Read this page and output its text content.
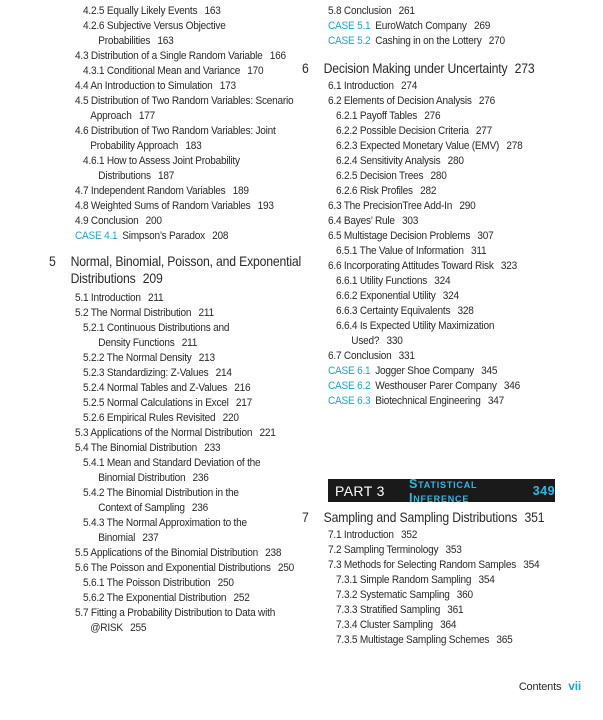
4.2.5 Equally Likely Events 163
4.2.6 Subjective Versus Objective
Probabilities 163
4.3 Distribution of a Single Random Variable 166
4.3.1 Conditional Mean and Variance 170
4.4 An Introduction to Simulation 173
4.5 Distribution of Two Random Variables: Scenario
Approach 177
4.6 Distribution of Two Random Variables: Joint
Probability Approach 183
4.6.1 How to Assess Joint Probability
Distributions 187
4.7 Independent Random Variables 189
4.8 Weighted Sums of Random Variables 193
4.9 Conclusion 200
CASE 4.1  Simpson’s Paradox 208
5 Normal, Binomial, Poisson, and Exponential
Distributions 209
5.1 Introduction 211
5.2 The Normal Distribution 211
5.2.1 Continuous Distributions and
Density Functions 211
5.2.2 The Normal Density 213
5.2.3 Standardizing: Z-Values 214
5.2.4 Normal Tables and Z-Values 216
5.2.5 Normal Calculations in Excel 217
5.2.6 Empirical Rules Revisited 220
5.3 Applications of the Normal Distribution 221
5.4 The Binomial Distribution 233
5.4.1 Mean and Standard Deviation of the
Binomial Distribution 236
5.4.2 The Binomial Distribution in the
Context of Sampling 236
5.4.3 The Normal Approximation to the
Binomial 237
5.5 Applications of the Binomial Distribution 238
5.6 The Poisson and Exponential Distributions 250
5.6.1 The Poisson Distribution 250
5.6.2 The Exponential Distribution 252
5.7 Fitting a Probability Distribution to Data with
@RISK 255
5.8 Conclusion 261
CASE 5.1  EuroWatch Company 269
CASE 5.2  Cashing in on the Lottery 270
6 Decision Making under Uncertainty 273
6.1 Introduction 274
6.2 Elements of Decision Analysis 276
6.2.1 Payoff Tables 276
6.2.2 Possible Decision Criteria 277
6.2.3 Expected Monetary Value (EMV) 278
6.2.4 Sensitivity Analysis 280
6.2.5 Decision Trees 280
6.2.6 Risk Profiles 282
6.3 The PrecisionTree Add-In 290
6.4 Bayes’ Rule 303
6.5 Multistage Decision Problems 307
6.5.1 The Value of Information 311
6.6 Incorporating Attitudes Toward Risk 323
6.6.1 Utility Functions 324
6.6.2 Exponential Utility 324
6.6.3 Certainty Equivalents 328
6.6.4 Is Expected Utility Maximization
Used? 330
6.7 Conclusion 331
CASE 6.1  Jogger Shoe Company 345
CASE 6.2  Westhouser Parer Company 346
CASE 6.3  Biotechnical Engineering 347
7 Sampling and Sampling Distributions 351
7.1 Introduction 352
7.2 Sampling Terminology 353
7.3 Methods for Selecting Random Samples 354
7.3.1 Simple Random Sampling 354
7.3.2 Systematic Sampling 360
7.3.3 Stratified Sampling 361
7.3.4 Cluster Sampling 364
7.3.5 Multistage Sampling Schemes 365
PART 3	Statistical Inference	349
Contents vii
